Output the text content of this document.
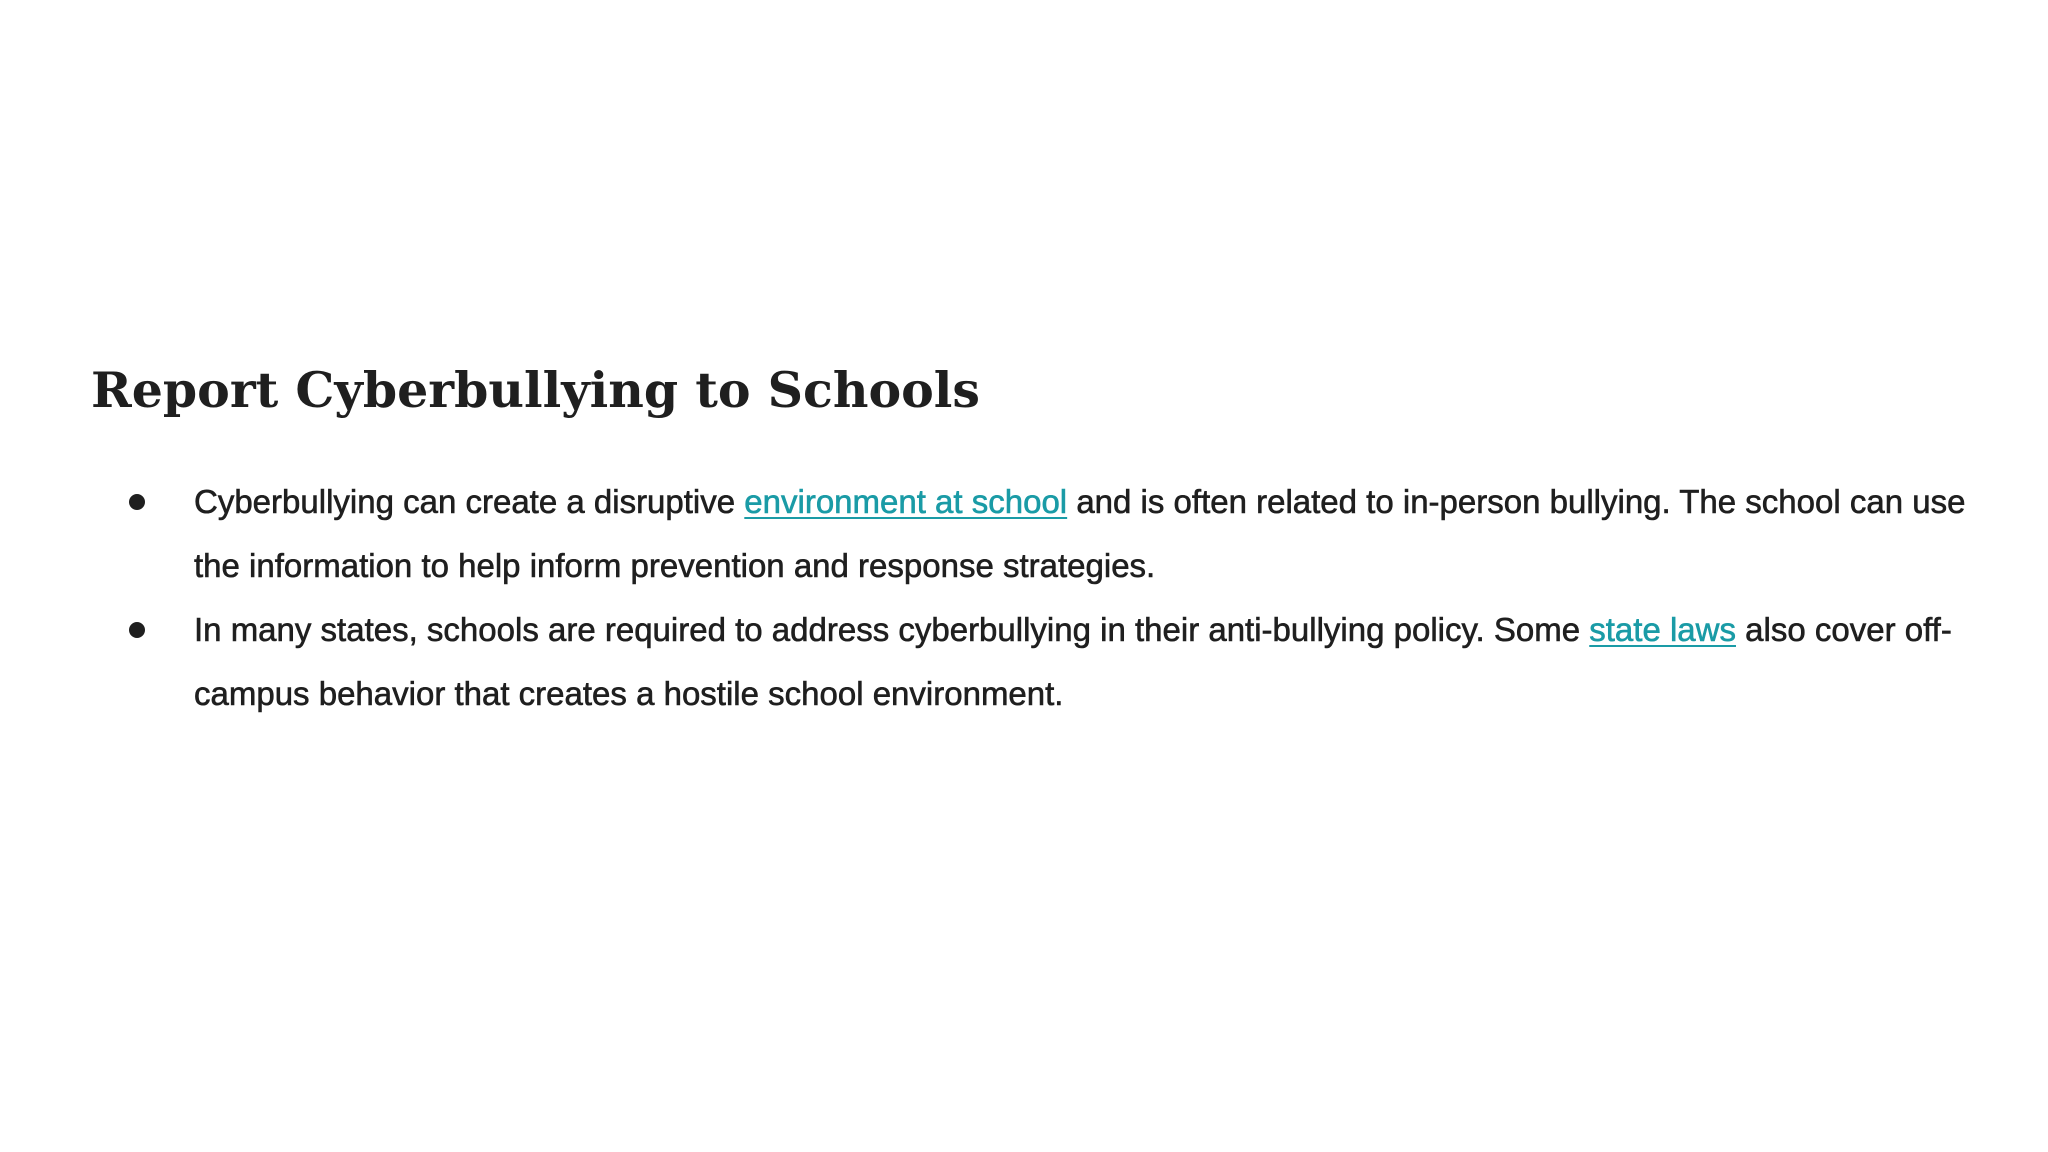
Report Cyberbullying to Schools
Cyberbullying can create a disruptive environment at school and is often related to in-person bullying. The school can use the information to help inform prevention and response strategies.
In many states, schools are required to address cyberbullying in their anti-bullying policy. Some state laws also cover off-campus behavior that creates a hostile school environment.
